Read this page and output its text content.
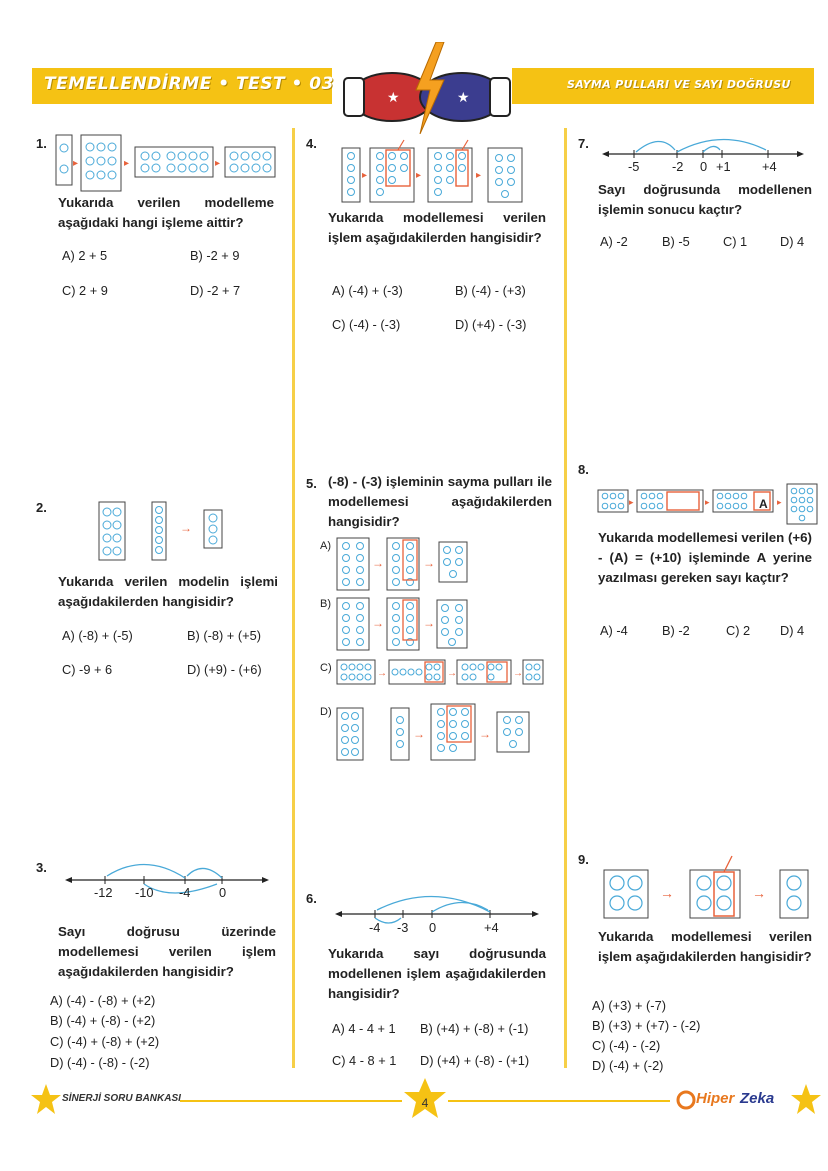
TEMELLENDİRME • TEST • 03	SAYMA PULLARI VE SAYI DOĞRUSU
★	★
1.
▸	▸	▸
Yukarıda verilen modelleme aşağıdaki hangi işleme aittir?
A) 2 + 5	B) -2 + 9
C) 2 + 9	D) -2 + 7
2.
→
Yukarıda verilen modelin işlemi aşağıdakilerden hangisidir?
A) (-8) + (-5)	B) (-8) + (+5)
C) -9 + 6	D) (+9) - (+6)
3.
-12 -10 -4 0
Sayı doğrusu üzerinde modellemesi verilen işlem aşağıdakilerden hangisidir?
A) (-4) - (-8) + (+2)
B) (-4) + (-8) - (+2)
C) (-4) + (-8) + (+2)
D) (-4) - (-8) - (-2)
4.
▸	▸	▸
Yukarıda modellemesi verilen işlem aşağıdakilerden hangisidir?
A) (-4) + (-3)	B) (-4) - (+3)
C) (-4) - (-3)	D) (+4) - (-3)
5. (-8) - (-3) işleminin sayma pulları ile modellemesi aşağıdakilerden hangisidir?
A)
B)
C)
D)
→	→
→	→
→	→	→
→	→
6.
-4 -3 0	+4
Yukarıda sayı doğrusunda modellenen işlem aşağıdakilerden hangisidir?
A) 4 - 4 + 1 B) (+4) + (-8) + (-1)
C) 4 - 8 + 1 D) (+4) + (-8) - (+1)
7.
-5	-2 0 +1 +4
Sayı doğrusunda modellenen işlemin sonucu kaçtır?
A) -2	B) -5	C) 1	D) 4
8.
▸	▸	▸
A
Yukarıda modellemesi verilen (+6) - (A) = (+10) işleminde A yerine yazılması gereken sayı kaçtır?
A) -4	B) -2	C) 2 D) 4
9.
→	→
Yukarıda modellemesi verilen işlem aşağıdakilerden hangisidir?
A) (+3) + (-7)
B) (+3) + (+7) - (-2)
C) (-4) - (-2)
D) (-4) + (-2)
SİNERJİ SORU BANKASI	4	Hiper Zeka
